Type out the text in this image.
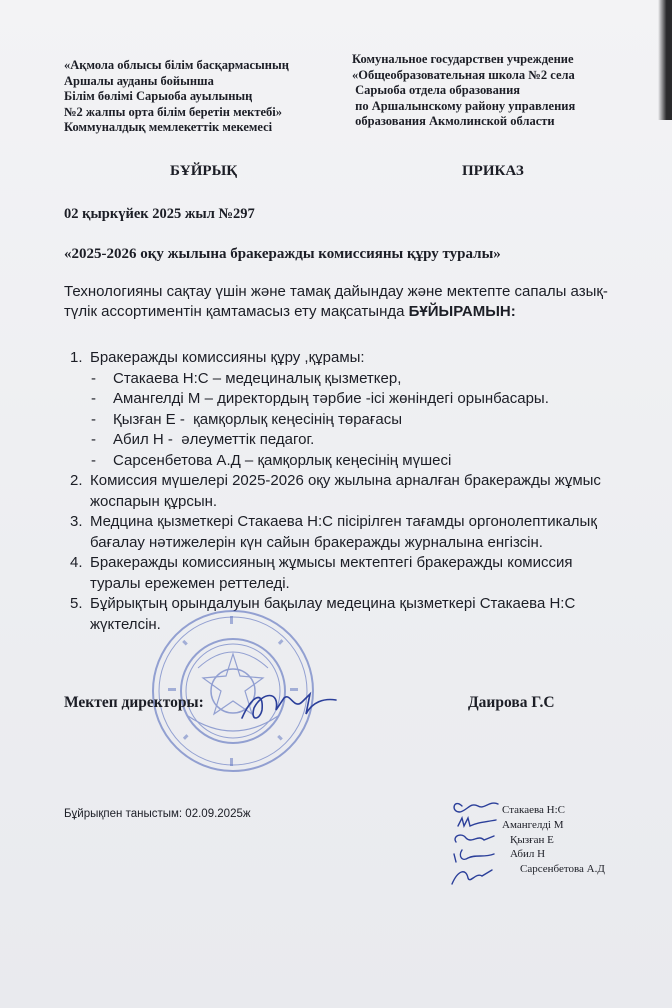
«Ақмола облысы білім басқармасының
Аршалы ауданы бойынша
Білім бөлімі Сарыоба ауылының
№2 жалпы орта білім беретін мектебі»
Коммуналдық мемлекеттік мекемесі
Комунальное государствен учреждение
«Общеобразовательная школа №2 села
Сарыоба отдела образования
по Аршалынскому району управления
образования Акмолинской области
БҰЙРЫҚ	ПРИКАЗ
02 қыркүйек 2025 жыл №297
«2025-2026 оқу жылына бракеражды комиссияны құру туралы»
Технологияны сақтау үшін және тамақ дайындау және мектепте сапалы азық-
түлік ассортиментін қамтамасыз ету мақсатында БҰЙЫРАМЫН:
1. Бракеражды комиссияны құру ,құрамы:
- Стакаева Н:С – медециналық қызметкер,
- Амангелді М – директордың тәрбие -ісі жөніндегі орынбасары.
- Қызған Е -  қамқорлық кеңесінің төрағасы
- Абил Н -  әлеуметтік педагог.
- Сарсенбетова А.Д – қамқорлық кеңесінің мүшесі
2. Комиссия мүшелері 2025-2026 оқу жылына арналған бракеражды жұмыс
жоспарын құрсын.
3. Медцина қызметкері Стакаева Н:С пісірілген тағамды оргонолептикалық
бағалау нәтижелерін күн сайын бракеражды журналына енгізсін.
4. Бракеражды комиссияның жұмысы мектептегі бракеражды комиссия
туралы ережемен реттеледі.
5. Бұйрықтың орындалуын бақылау медецина қызметкері Стакаева Н:С
жүктелсін.
Мектеп директоры:	Даирова Г.С
Бұйрықпен таныстым: 02.09.2025ж	Стакаева Н:С
Амангелді М
Қызған Е
Абил Н
Сарсенбетова А.Д
